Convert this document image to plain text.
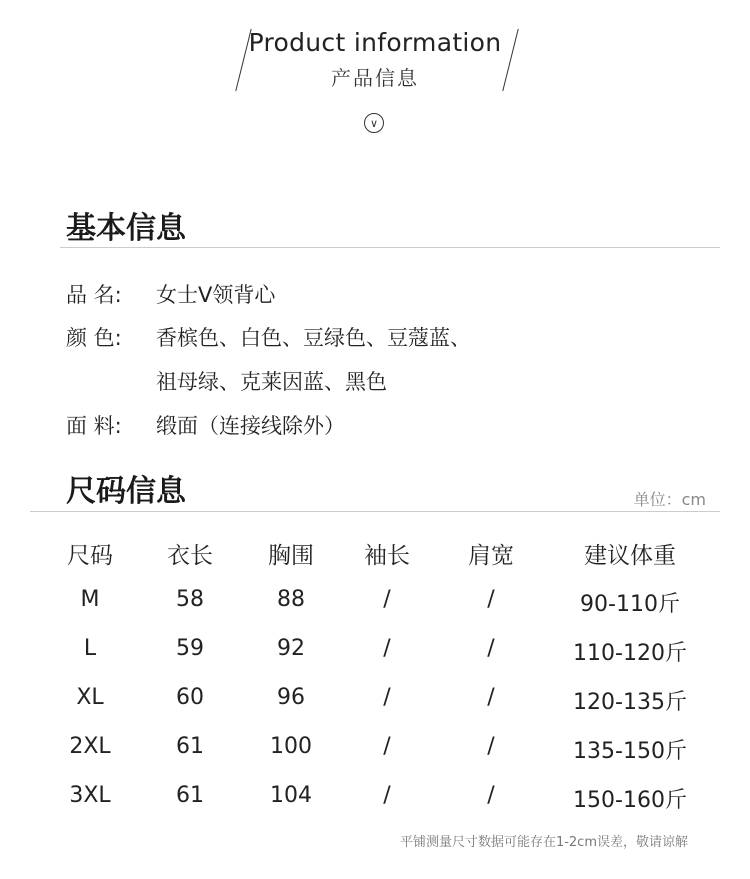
Product information
产品信息
∨
基本信息
品 名: 女士V领背心
颜 色: 香槟色、白色、豆绿色、豆蔻蓝、
祖母绿、克莱因蓝、黑色
面 料: 缎面（连接线除外）
尺码信息	单位：cm
尺码	衣长	胸围	袖长	肩宽	建议体重
M	58	88	/	/	90-110斤
L	59	92	/	/	110-120斤
XL	60	96	/	/	120-135斤
2XL	61	100	/	/	135-150斤
3XL	61	104	/	/	150-160斤
平铺测量尺寸数据可能存在1-2cm误差，敬请谅解
